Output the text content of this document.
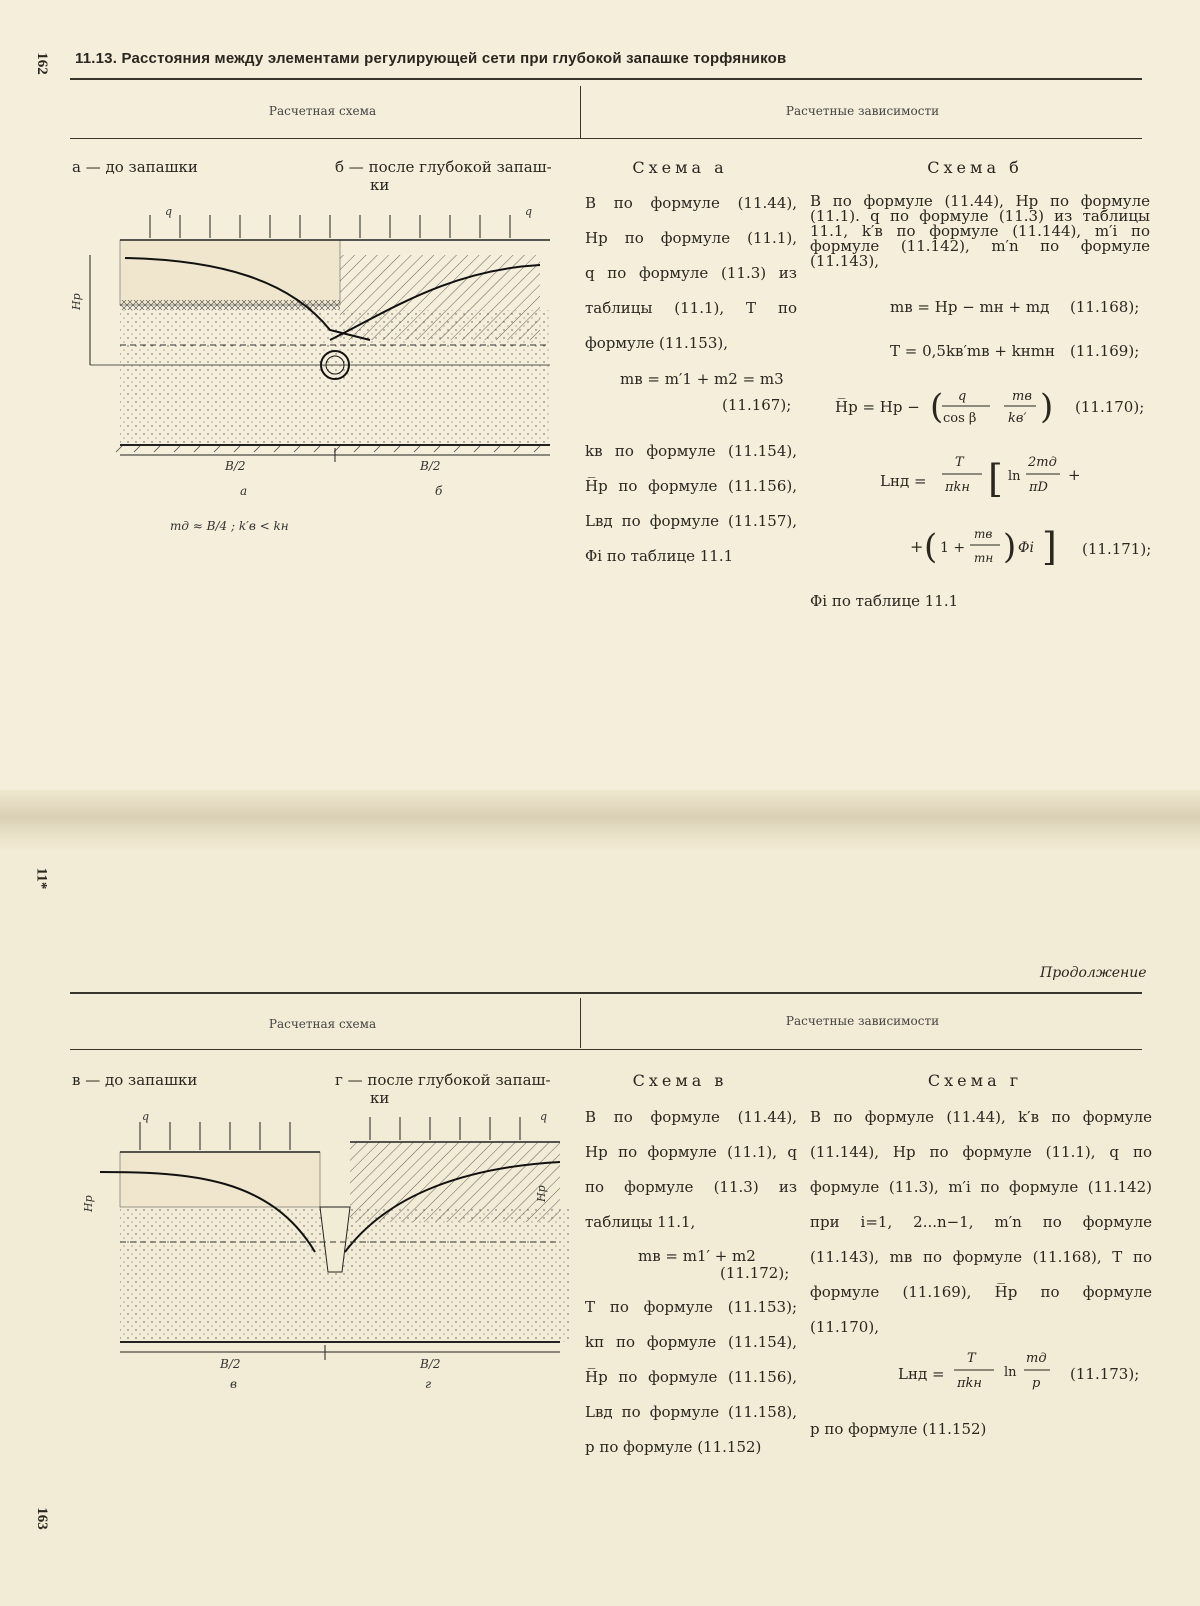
162 11.13. Расстояния между элементами регулирующей сети при глубокой запашке торфяников
Расчетная схема	Расчетные зависимости
а — до запашки	б — после глубокой запаш-
ки
B/2	B/2
а	б
Hр
q	q
mд ≈ B/4 ; k′в < kн
Схема а

B по формуле (11.44),

Hр по формуле (11.1),

q по формуле (11.3) из

таблицы (11.1), T по

формуле (11.153),

mв = m′1 + m2 = m3
(11.167);

kв по формуле (11.154),

H̅р по формуле (11.156),

Lвд по формуле (11.157),

Φi по таблице 11.1

Схема б
B по формуле (11.44), Hр по формуле
(11.1). q по формуле (11.3) из таблицы
11.1, k′в по формуле (11.144), m′i по
формуле (11.142), m′n по формуле
(11.143),
mв = Hр − mн + mд (11.168);
T = 0,5kв′mв + kнmн (11.169);
H̅р = Hр − ( q
cos β
mв
kв′ ) (11.170);
Lнд =
T
πkн [ ln
2mд
πD
+
+ ( 1 +
mв
mн ) Φi ] (11.171);
Φi по таблице 11.1
11*
Продолжение
Расчетная схема	Расчетные зависимости
в — до запашки	г — после глубокой запаш-
ки
B/2	B/2
в	г
Hр
Hр
q	q
Схема в

B по формуле (11.44),

Hр по формуле (11.1), q

по формуле (11.3) из

таблицы 11.1,

mв = m1′ + m2
(11.172);

T по формуле (11.153);

kп по формуле (11.154),

H̅р по формуле (11.156),

Lвд по формуле (11.158),

p по формуле (11.152)

Схема г

B по формуле (11.44), k′в по формуле

(11.144), Hр по формуле (11.1), q по

формуле (11.3), m′i по формуле (11.142)

при i=1, 2...n−1, m′n по формуле

(11.143), mв по формуле (11.168), T по

формуле (11.169), H̅р по формуле

(11.170),

Lнд =
T
πkн
ln
mд
p
(11.173);
p по формуле (11.152)
163
